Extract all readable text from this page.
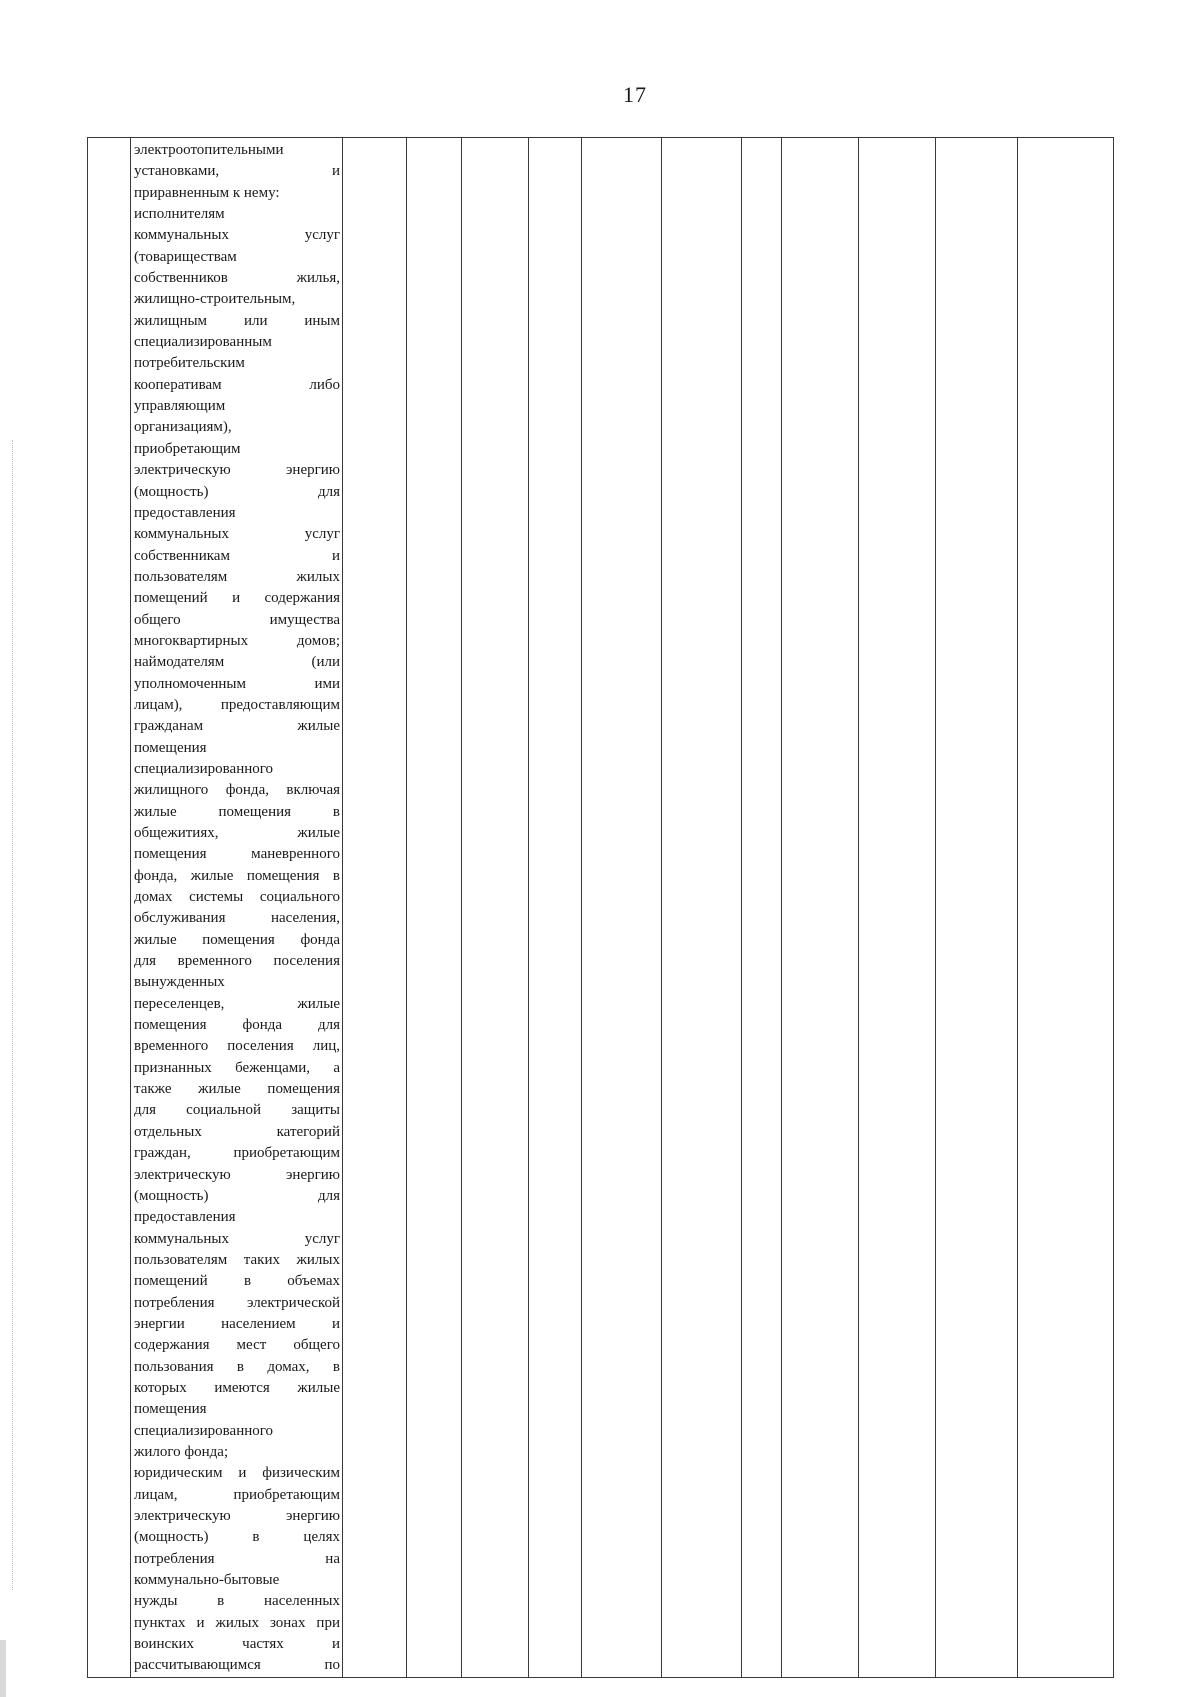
17

электроотопительными
установками, и
приравненным к нему:
исполнителям
коммунальных услуг
(товариществам
собственников жилья,
жилищно-строительным,
жилищным или иным
специализированным
потребительским
кооперативам либо
управляющим
организациям),
приобретающим
электрическую энергию
(мощность) для
предоставления
коммунальных услуг
собственникам и
пользователям жилых
помещений и содержания
общего имущества
многоквартирных домов;
наймодателям (или
уполномоченным ими
лицам), предоставляющим
гражданам жилые
помещения
специализированного
жилищного фонда, включая
жилые помещения в
общежитиях, жилые
помещения маневренного
фонда, жилые помещения в
домах системы социального
обслуживания населения,
жилые помещения фонда
для временного поселения
вынужденных
переселенцев, жилые
помещения фонда для
временного поселения лиц,
признанных беженцами, а
также жилые помещения
для социальной защиты
отдельных категорий
граждан, приобретающим
электрическую энергию
(мощность) для
предоставления
коммунальных услуг
пользователям таких жилых
помещений в объемах
потребления электрической
энергии населением и
содержания мест общего
пользования в домах, в
которых имеются жилые
помещения
специализированного
жилого фонда;
юридическим и физическим
лицам, приобретающим
электрическую энергию
(мощность) в целях
потребления на
коммунально-бытовые
нужды в населенных
пунктах и жилых зонах при
воинских частях и
рассчитывающимся по
